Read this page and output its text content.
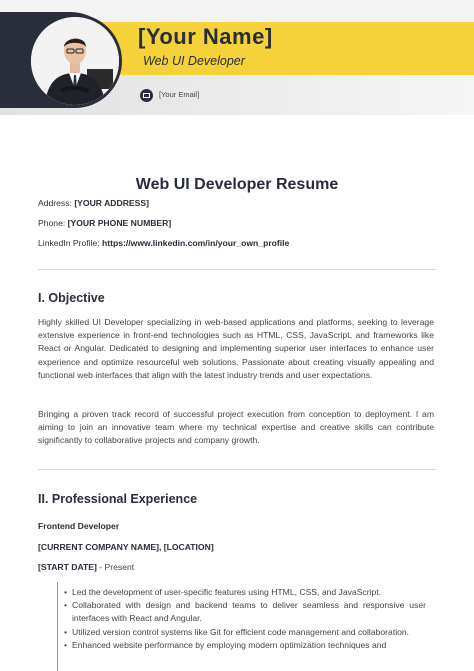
[Your Name]
Web UI Developer
[Your Email]
Web UI Developer Resume
Address: [YOUR ADDRESS]
Phone: [YOUR PHONE NUMBER]
LinkedIn Profile: https://www.linkedin.com/in/your_own_profile
I. Objective

Highly skilled UI Developer specializing in web-based applications and platforms, seeking to leverage extensive experience in front-end technologies such as HTML, CSS, JavaScript, and frameworks like React or Angular. Dedicated to designing and implementing superior user interfaces to enhance user experience and optimize resourceful web solutions. Passionate about creating visually appealing and functional web interfaces that align with the latest industry trends and user expectations.

Bringing a proven track record of successful project execution from conception to deployment. I am aiming to join an innovative team where my technical expertise and creative skills can contribute significantly to collaborative projects and company growth.

II. Professional Experience
Frontend Developer
[CURRENT COMPANY NAME], [LOCATION]
[START DATE] - Present
• Led the development of user-specific features using HTML, CSS, and JavaScript.
• Collaborated with design and backend teams to deliver seamless and responsive user interfaces with React and Angular.
• Utilized version control systems like Git for efficient code management and collaboration.
• Enhanced website performance by employing modern optimization techniques and
